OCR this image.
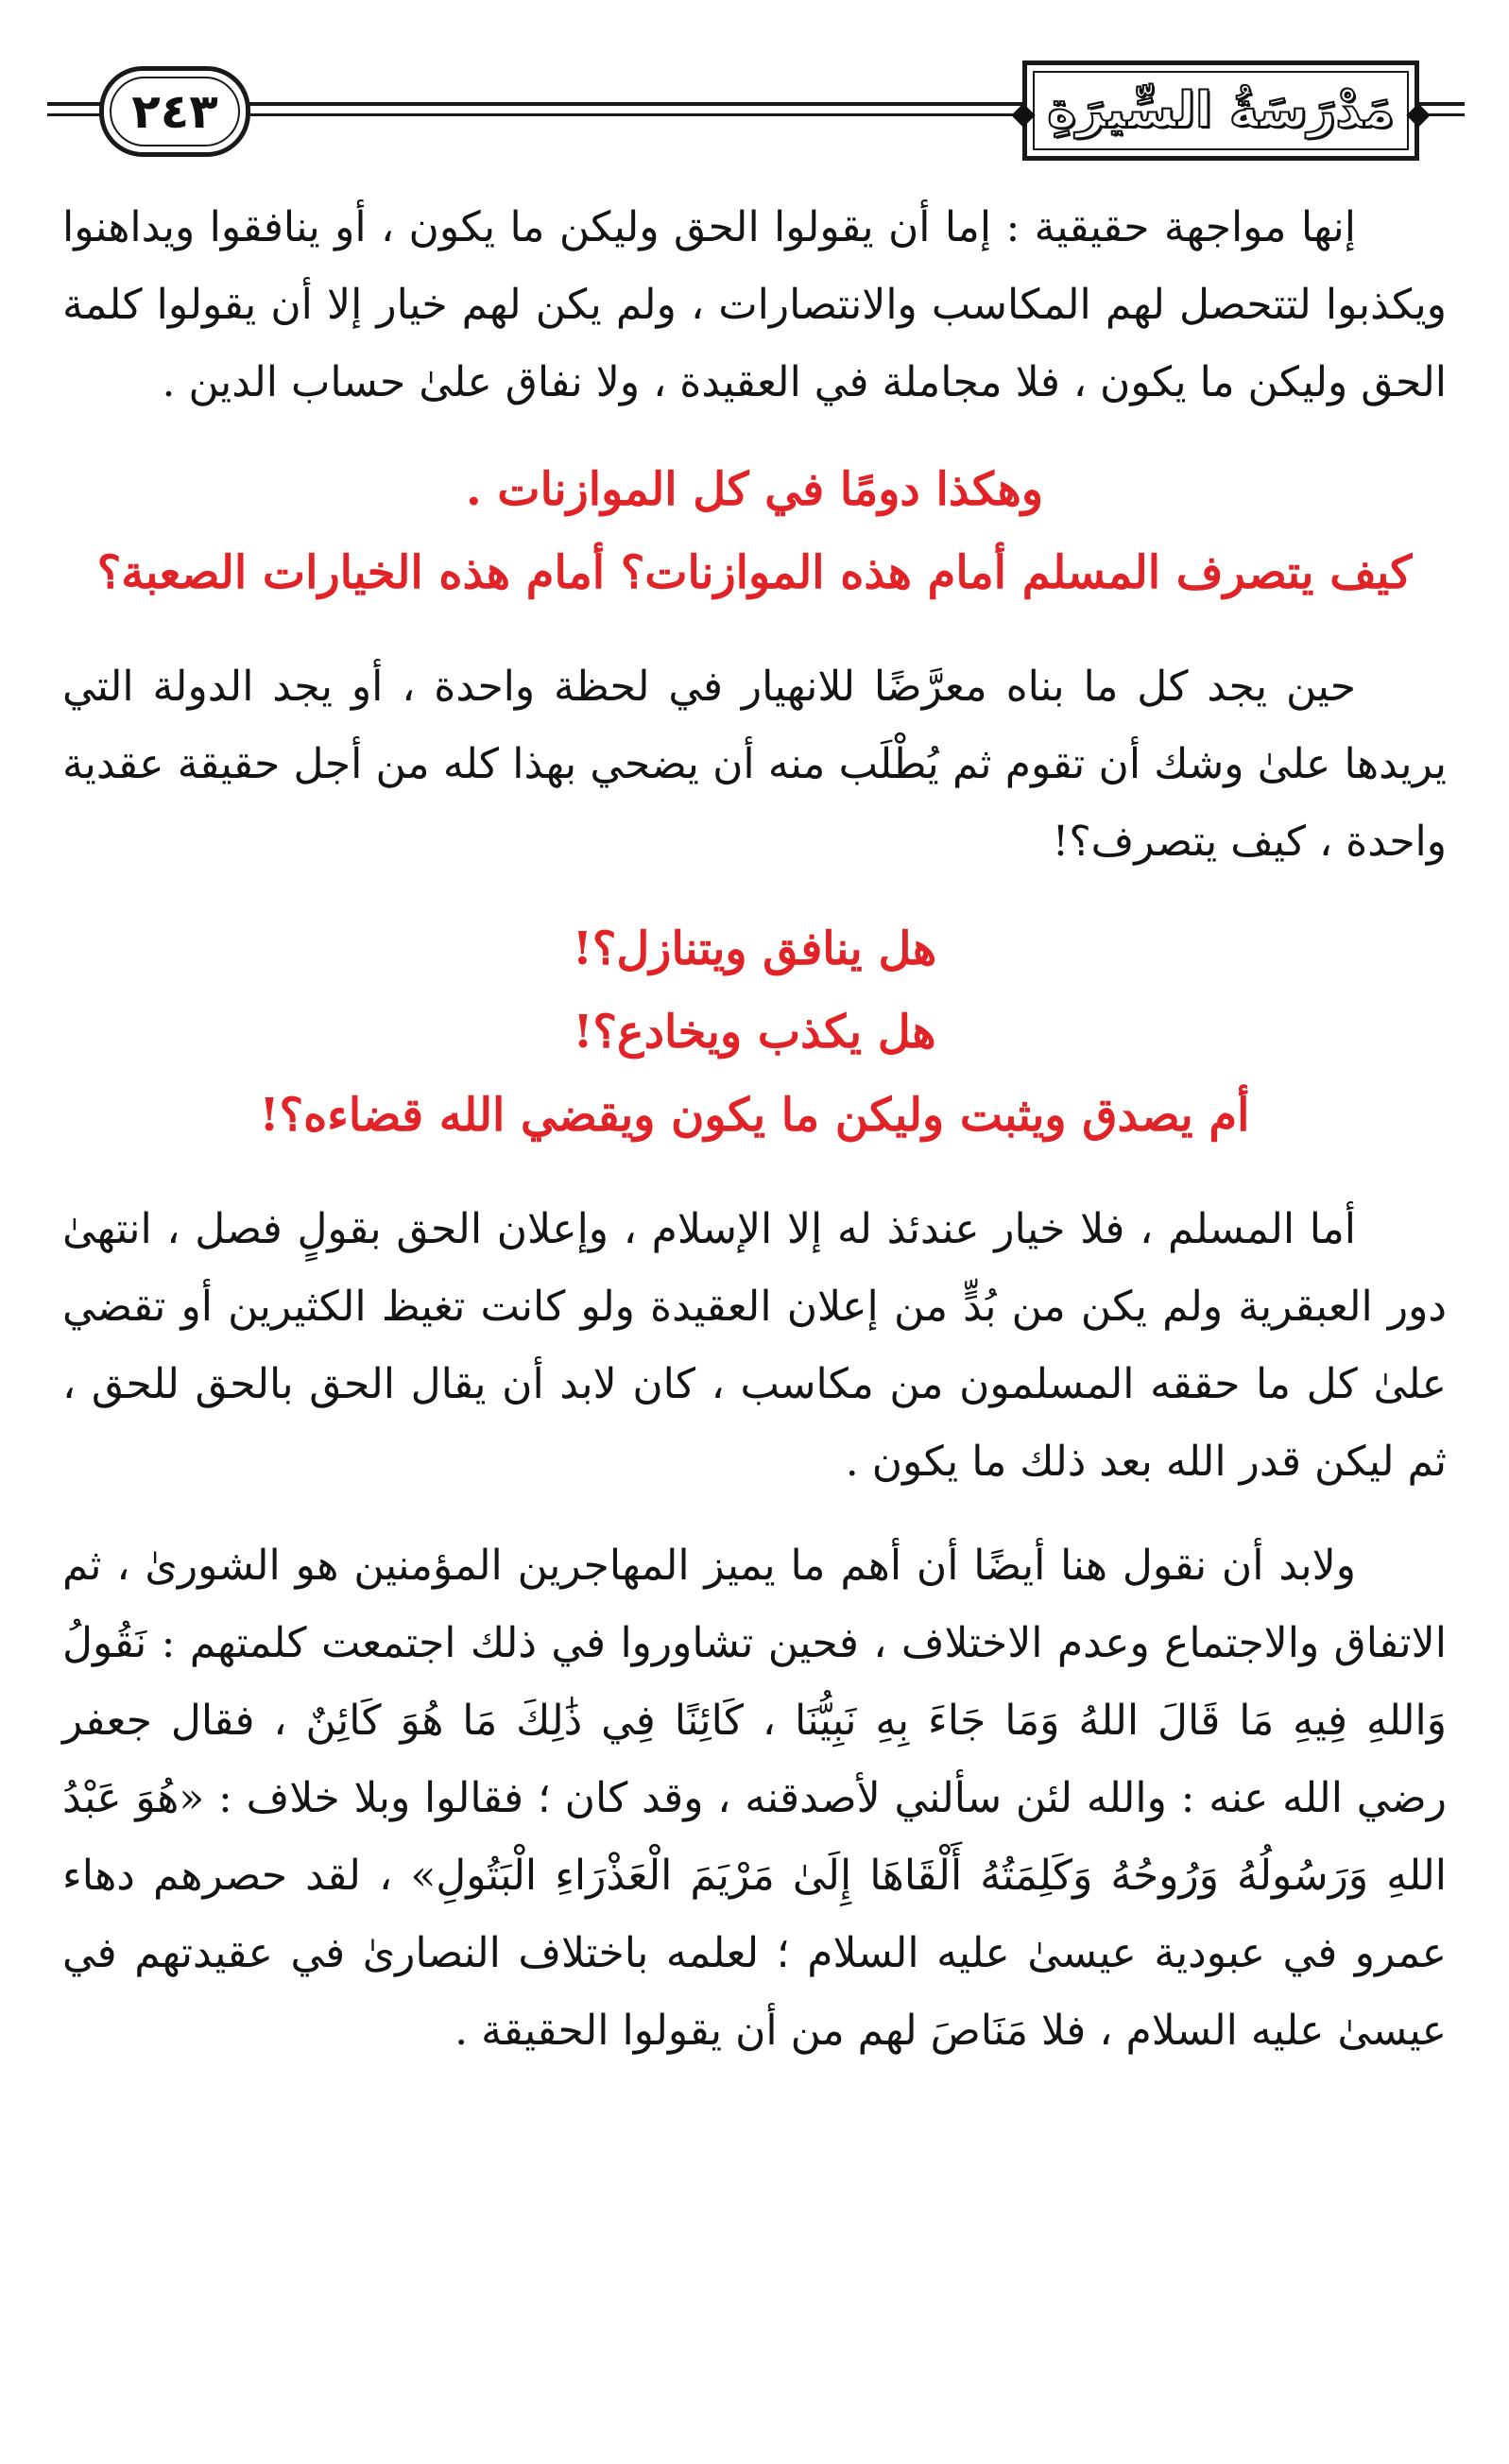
مَدْرَسَةُ السِّيرَةِ
٢٤٣

إنها مواجهة حقيقية : إما أن يقولوا الحق وليكن ما يكون ، أو ينافقوا ويداهنوا ويكذبوا لتتحصل لهم المكاسب والانتصارات ، ولم يكن لهم خيار إلا أن يقولوا كلمة الحق وليكن ما يكون ، فلا مجاملة في العقيدة ، ولا نفاق علىٰ حساب الدين .

وهكذا دومًا في كل الموازنات .
كيف يتصرف المسلم أمام هذه الموازنات؟ أمام هذه الخيارات الصعبة؟

حين يجد كل ما بناه معرَّضًا للانهيار في لحظة واحدة ، أو يجد الدولة التي يريدها علىٰ وشك أن تقوم ثم يُطْلَب منه أن يضحي بهذا كله من أجل حقيقة عقدية واحدة ، كيف يتصرف؟!

هل ينافق ويتنازل؟!
هل يكذب ويخادع؟!
أم يصدق ويثبت وليكن ما يكون ويقضي الله قضاءه؟!

أما المسلم ، فلا خيار عندئذ له إلا الإسلام ، وإعلان الحق بقولٍ فصل ، انتهىٰ دور العبقرية ولم يكن من بُدٍّ من إعلان العقيدة ولو كانت تغيظ الكثيرين أو تقضي علىٰ كل ما حققه المسلمون من مكاسب ، كان لابد أن يقال الحق بالحق للحق ، ثم ليكن قدر الله بعد ذلك ما يكون .

ولابد أن نقول هنا أيضًا أن أهم ما يميز المهاجرين المؤمنين هو الشورىٰ ، ثم الاتفاق والاجتماع وعدم الاختلاف ، فحين تشاوروا في ذلك اجتمعت كلمتهم : نَقُولُ وَاللهِ فِيهِ مَا قَالَ اللهُ وَمَا جَاءَ بِهِ نَبِيُّنَا ، كَائِنًا فِي ذَٰلِكَ مَا هُوَ كَائِنٌ ، فقال جعفر رضي الله عنه : والله لئن سألني لأصدقنه ، وقد كان ؛ فقالوا وبلا خلاف : «هُوَ عَبْدُ اللهِ وَرَسُولُهُ وَرُوحُهُ وَكَلِمَتُهُ أَلْقَاهَا إِلَىٰ مَرْيَمَ الْعَذْرَاءِ الْبَتُولِ» ، لقد حصرهم دهاء عمرو في عبودية عيسىٰ عليه السلام ؛ لعلمه باختلاف النصارىٰ في عقيدتهم في عيسىٰ عليه السلام ، فلا مَنَاصَ لهم من أن يقولوا الحقيقة .
